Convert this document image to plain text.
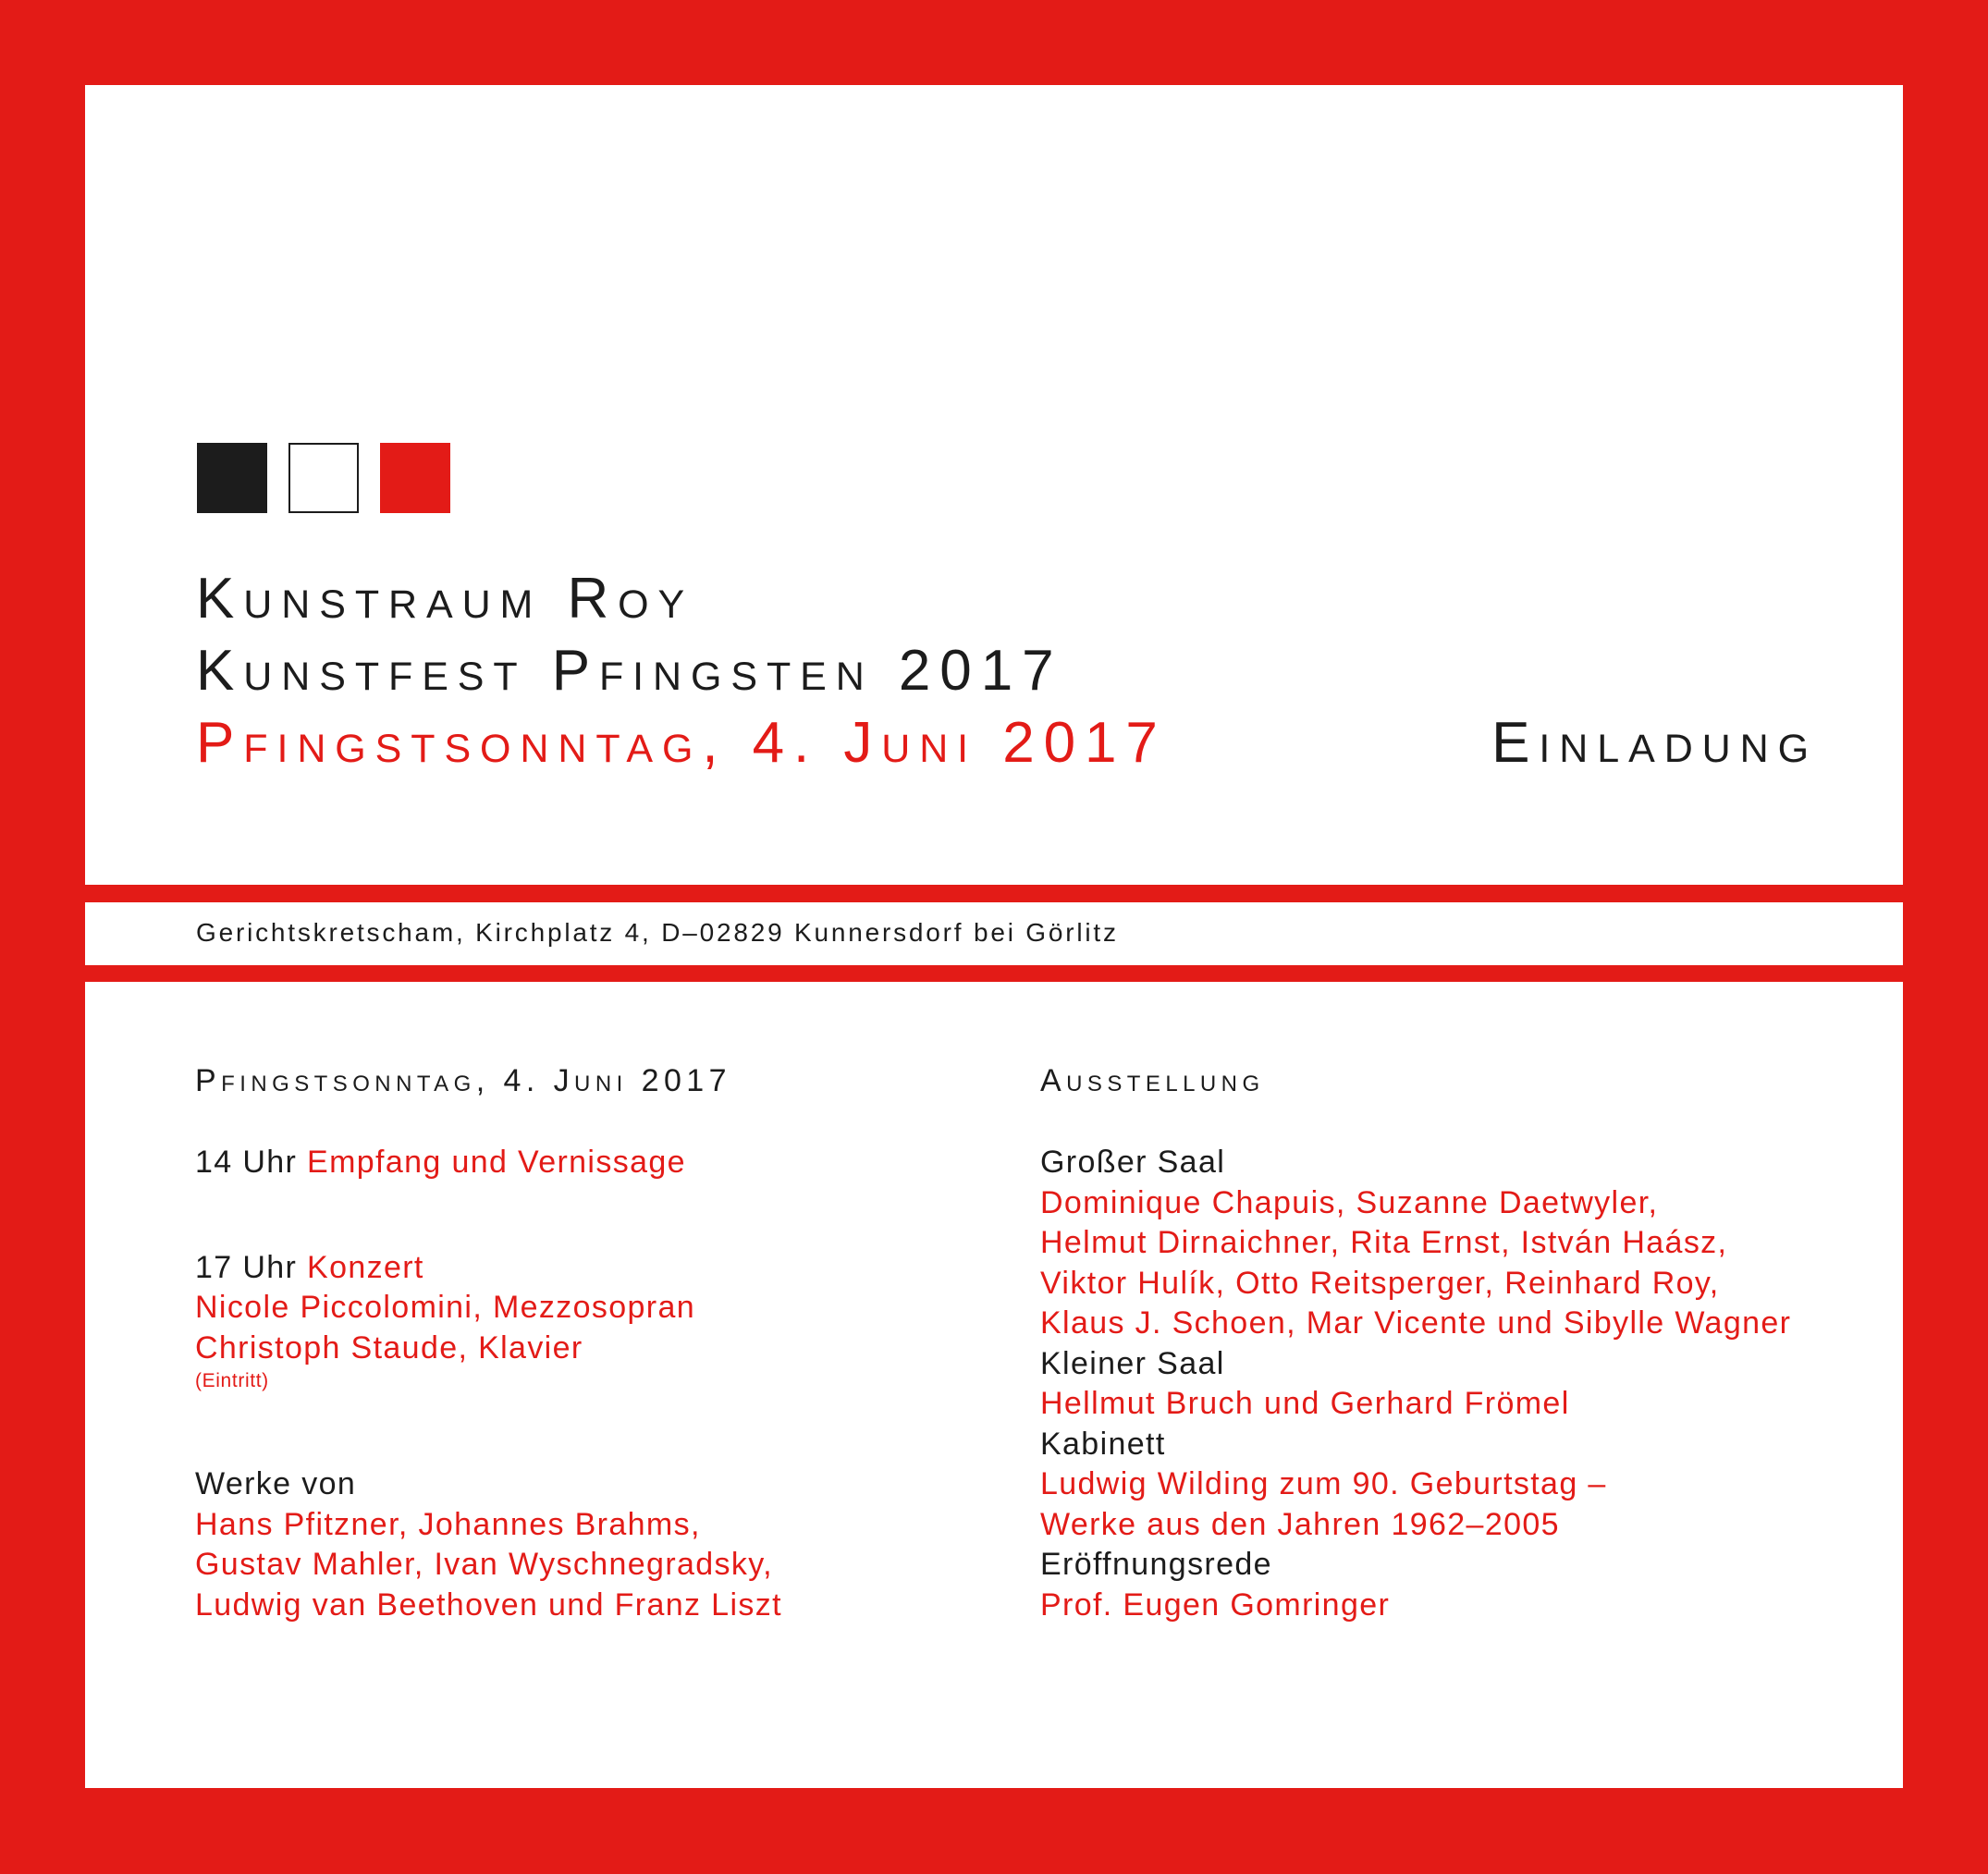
Kunstraum Roy
Kunstfest Pfingsten 2017
Pfingstsonntag, 4. Juni 2017	Einladung
Gerichtskretscham, Kirchplatz 4, D–02829 Kunnersdorf bei Görlitz
Pfingstsonntag, 4. Juni 2017
14 Uhr Empfang und Vernissage
17 Uhr Konzert
Nicole Piccolomini, Mezzosopran
Christoph Staude, Klavier
(Eintritt)
Werke von
Hans Pfitzner, Johannes Brahms,
Gustav Mahler, Ivan Wyschnegradsky,
Ludwig van Beethoven und Franz Liszt
Ausstellung
Großer Saal
Dominique Chapuis, Suzanne Daetwyler,
Helmut Dirnaichner, Rita Ernst, István Haász,
Viktor Hulík, Otto Reitsperger, Reinhard Roy,
Klaus J. Schoen, Mar Vicente und Sibylle Wagner
Kleiner Saal
Hellmut Bruch und Gerhard Frömel
Kabinett
Ludwig Wilding zum 90. Geburtstag –
Werke aus den Jahren 1962–2005
Eröffnungsrede
Prof. Eugen Gomringer
